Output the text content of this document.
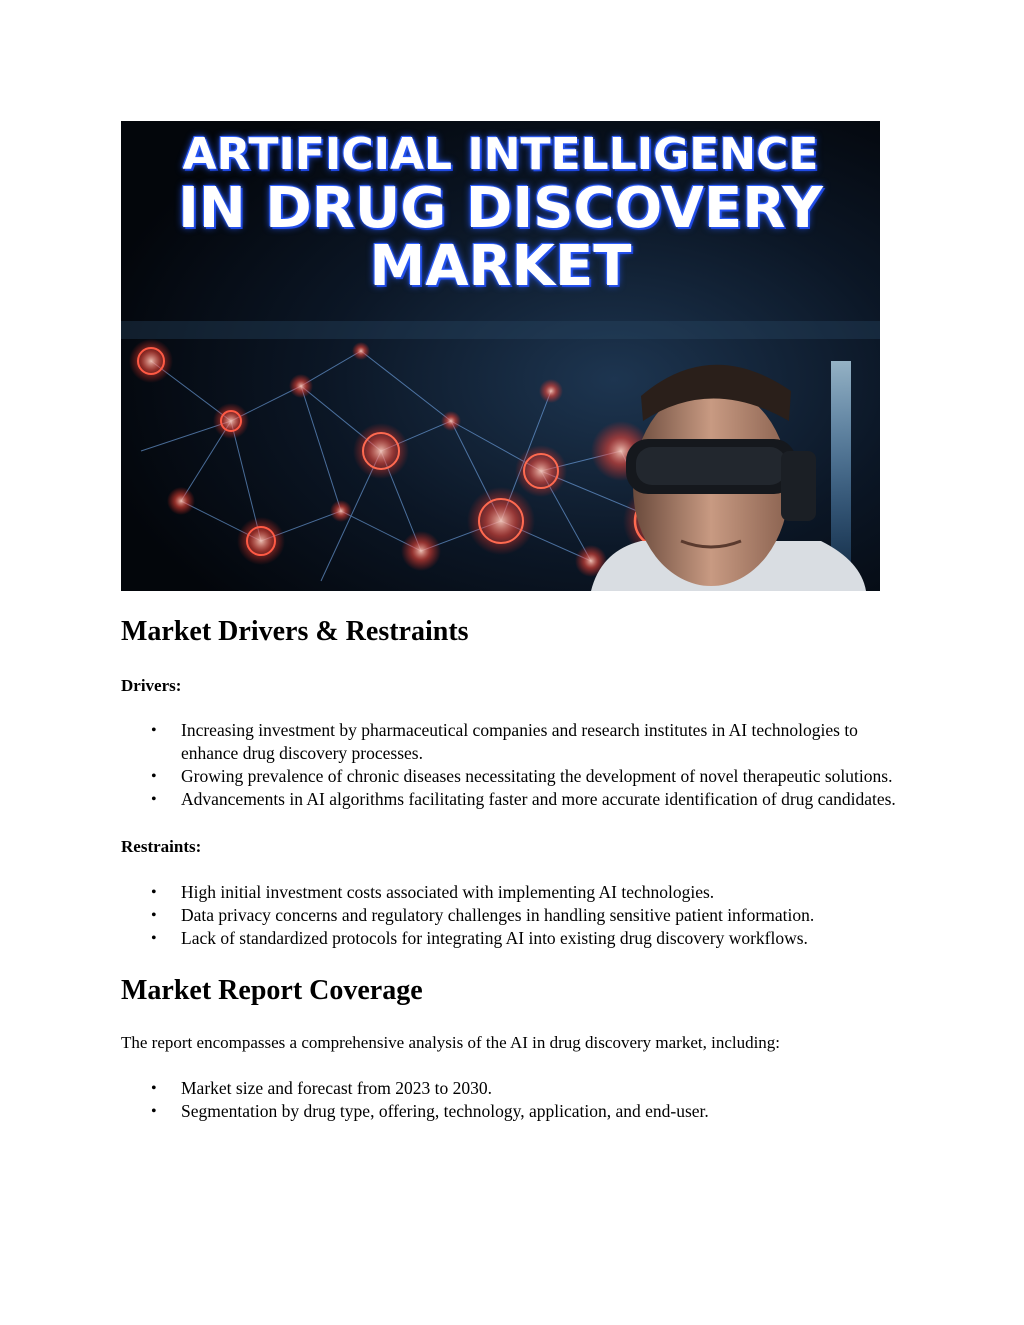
ARTIFICIAL INTELLIGENCE
IN DRUG DISCOVERY
MARKET
Market Drivers & Restraints

Drivers:

• Increasing investment by pharmaceutical companies and research institutes in AI technologies to enhance drug discovery processes.
• Growing prevalence of chronic diseases necessitating the development of novel therapeutic solutions.
• Advancements in AI algorithms facilitating faster and more accurate identification of drug candidates.

Restraints:

• High initial investment costs associated with implementing AI technologies.
• Data privacy concerns and regulatory challenges in handling sensitive patient information.
• Lack of standardized protocols for integrating AI into existing drug discovery workflows.
Market Report Coverage

The report encompasses a comprehensive analysis of the AI in drug discovery market, including:

• Market size and forecast from 2023 to 2030.
• Segmentation by drug type, offering, technology, application, and end-user.
